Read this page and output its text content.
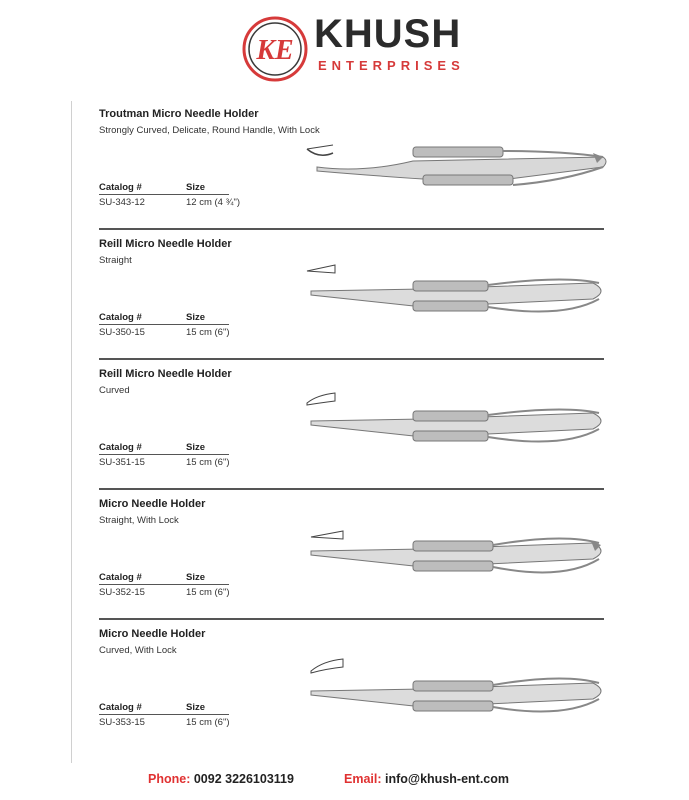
KE KHUSH
ENTERPRISES
Troutman Micro Needle Holder
Strongly Curved, Delicate, Round Handle, With Lock
Catalog #	Size
SU-343-12	12 cm (4 ¾")
Reill Micro Needle Holder
Straight
Catalog #	Size
SU-350-15	15 cm (6")
Reill Micro Needle Holder
Curved
Catalog #	Size
SU-351-15	15 cm (6")
Micro Needle Holder
Straight, With Lock
Catalog #	Size
SU-352-15	15 cm (6")
Micro Needle Holder
Curved, With Lock
Catalog #	Size
SU-353-15	15 cm (6")
Phone: 0092 3226103119	Email: info@khush-ent.com
